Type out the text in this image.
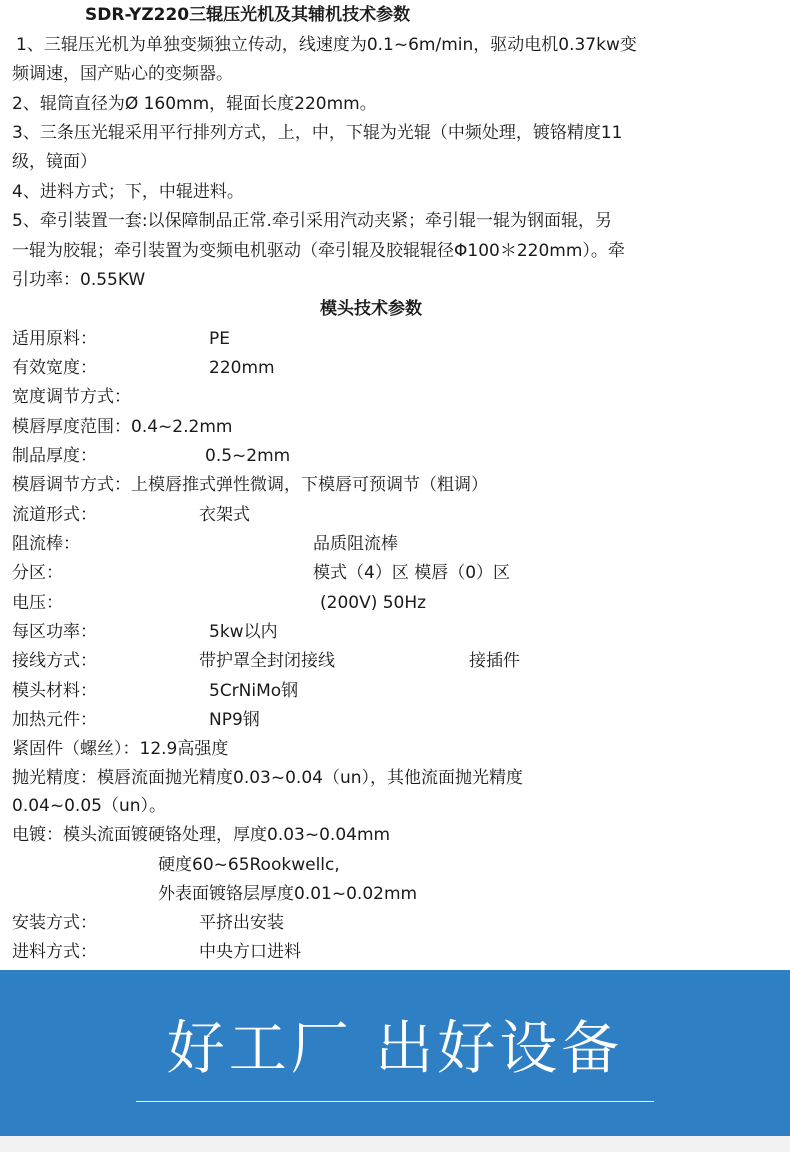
SDR-YZ220三辊压光机及其辅机技术参数
1、三辊压光机为单独变频独立传动，线速度为0.1~6m/min，驱动电机0.37kw变
频调速，国产贴心的变频器。
2、辊筒直径为Ø 160mm，辊面长度220mm。
3、三条压光辊采用平行排列方式，上，中，下辊为光辊（中频处理，镀铬精度11
级，镜面）
4、进料方式；下，中辊进料。
5、牵引装置一套:以保障制品正常.牵引采用汽动夹紧；牵引辊一辊为钢面辊，另
一辊为胶辊；牵引装置为变频电机驱动（牵引辊及胶辊辊径Φ100＊220mm）。牵
引功率：0.55KW
模头技术参数
适用原料：	PE
有效宽度：	220mm
宽度调节方式：
模唇厚度范围：0.4~2.2mm
制品厚度：	0.5~2mm
模唇调节方式：上模唇推式弹性微调，下模唇可预调节（粗调）
流道形式：	衣架式
阻流棒：	品质阻流棒
分区：	模式（4）区 模唇（0）区
电压：	(200V) 50Hz
每区功率：	5kw以内
接线方式：	带护罩全封闭接线	接插件
模头材料：	5CrNiMo钢
加热元件：	NP9钢
紧固件（螺丝）：12.9高强度
抛光精度：模唇流面抛光精度0.03~0.04（un），其他流面抛光精度
0.04~0.05（un）。
电镀：模头流面镀硬铬处理，厚度0.03~0.04mm
硬度60~65Rookwellc,
外表面镀铬层厚度0.01~0.02mm
安装方式：	平挤出安装
进料方式：	中央方口进料
好工厂 出好设备
